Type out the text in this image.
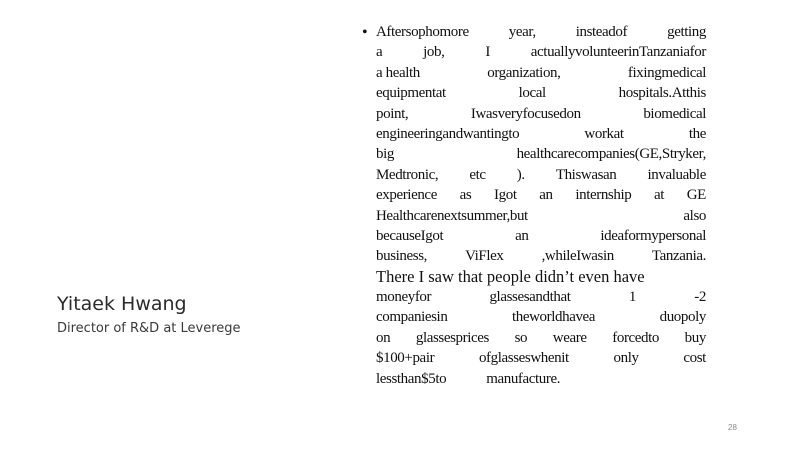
Yitaek Hwang
Director of R&D at Leverege
• Aftersophomore	year,	insteadof	getting
a	job,	I	actuallyvolunteerinTanzaniafor
a health	organization,	fixingmedical
equipmentat	local	hospitals.Atthis
point,	Iwasveryfocusedon	biomedical
engineeringandwantingto	workat	the
big	healthcarecompanies(GE,Stryker,
Medtronic, etc ). Thiswasan invaluable
experience as Igot an internship at GE
Healthcarenextsummer,but	also
becauseIgot	an	ideaformypersonal
business,	ViFlex	,whileIwasin	Tanzania.
There I saw that people didn’t even have
moneyfor	glassesandthat	1	-2
companiesin	theworldhavea	duopoly
on glassesprices so weare forcedto buy
$100+pair	ofglasseswhenit	only	cost
lessthan$5to	manufacture.
28
